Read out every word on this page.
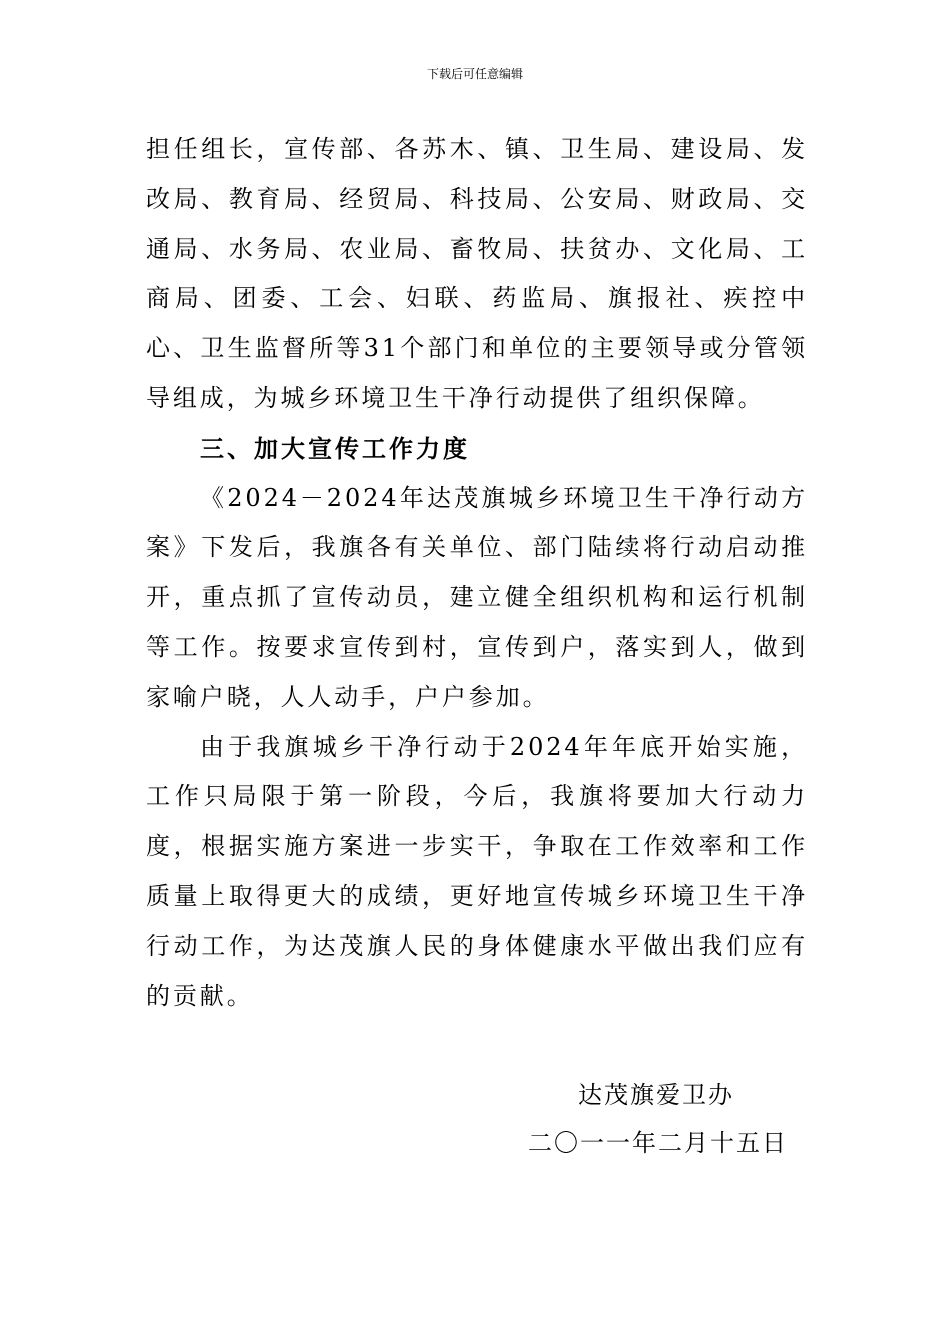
下载后可任意编辑

担任组长，宣传部、各苏木、镇、卫生局、建设局、发改局、教育局、经贸局、科技局、公安局、财政局、交通局、水务局、农业局、畜牧局、扶贫办、文化局、工商局、团委、工会、妇联、药监局、旗报社、疾控中心、卫生监督所等31个部门和单位的主要领导或分管领导组成，为城乡环境卫生干净行动提供了组织保障。

三、加大宣传工作力度

《2024－2024年达茂旗城乡环境卫生干净行动方案》下发后，我旗各有关单位、部门陆续将行动启动推开，重点抓了宣传动员，建立健全组织机构和运行机制等工作。按要求宣传到村，宣传到户，落实到人，做到家喻户晓，人人动手，户户参加。

由于我旗城乡干净行动于2024年年底开始实施，工作只局限于第一阶段，今后，我旗将要加大行动力度，根据实施方案进一步实干，争取在工作效率和工作质量上取得更大的成绩，更好地宣传城乡环境卫生干净行动工作，为达茂旗人民的身体健康水平做出我们应有的贡献。

达茂旗爱卫办
二〇一一年二月十五日
